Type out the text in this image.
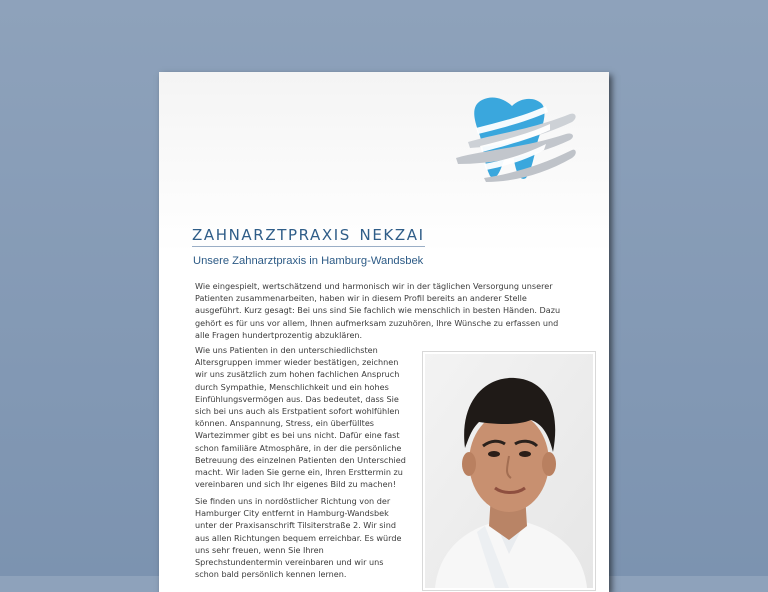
zahnarztpraxis nekzai
Unsere Zahnarztpraxis in Hamburg-Wandsbek

Wie eingespielt, wertschätzend und harmonisch wir in der täglichen Versorgung unserer Patienten zusammenarbeiten, haben wir in diesem Profil bereits an anderer Stelle ausgeführt. Kurz gesagt: Bei uns sind Sie fachlich wie menschlich in besten Händen. Dazu gehört es für uns vor allem, Ihnen aufmerksam zuzuhören, Ihre Wünsche zu erfassen und alle Fragen hundertprozentig abzuklären.

Wie uns Patienten in den unterschiedlichsten Altersgruppen immer wieder bestätigen, zeichnen wir uns zusätzlich zum hohen fachlichen Anspruch durch Sympathie, Menschlichkeit und ein hohes Einfühlungsvermögen aus. Das bedeutet, dass Sie sich bei uns auch als Erstpatient sofort wohlfühlen können. Anspannung, Stress, ein überfülltes Wartezimmer gibt es bei uns nicht. Dafür eine fast schon familiäre Atmosphäre, in der die persönliche Betreuung des einzelnen Patienten den Unterschied macht. Wir laden Sie gerne ein, Ihren Ersttermin zu vereinbaren und sich Ihr eigenes Bild zu machen!

Sie finden uns in nordöstlicher Richtung von der Hamburger City entfernt in Hamburg-Wandsbek unter der Praxisanschrift Tilsiterstraße 2. Wir sind aus allen Richtungen bequem erreichbar. Es würde uns sehr freuen, wenn Sie Ihren Sprechstundentermin vereinbaren und wir uns schon bald persönlich kennen lernen.
